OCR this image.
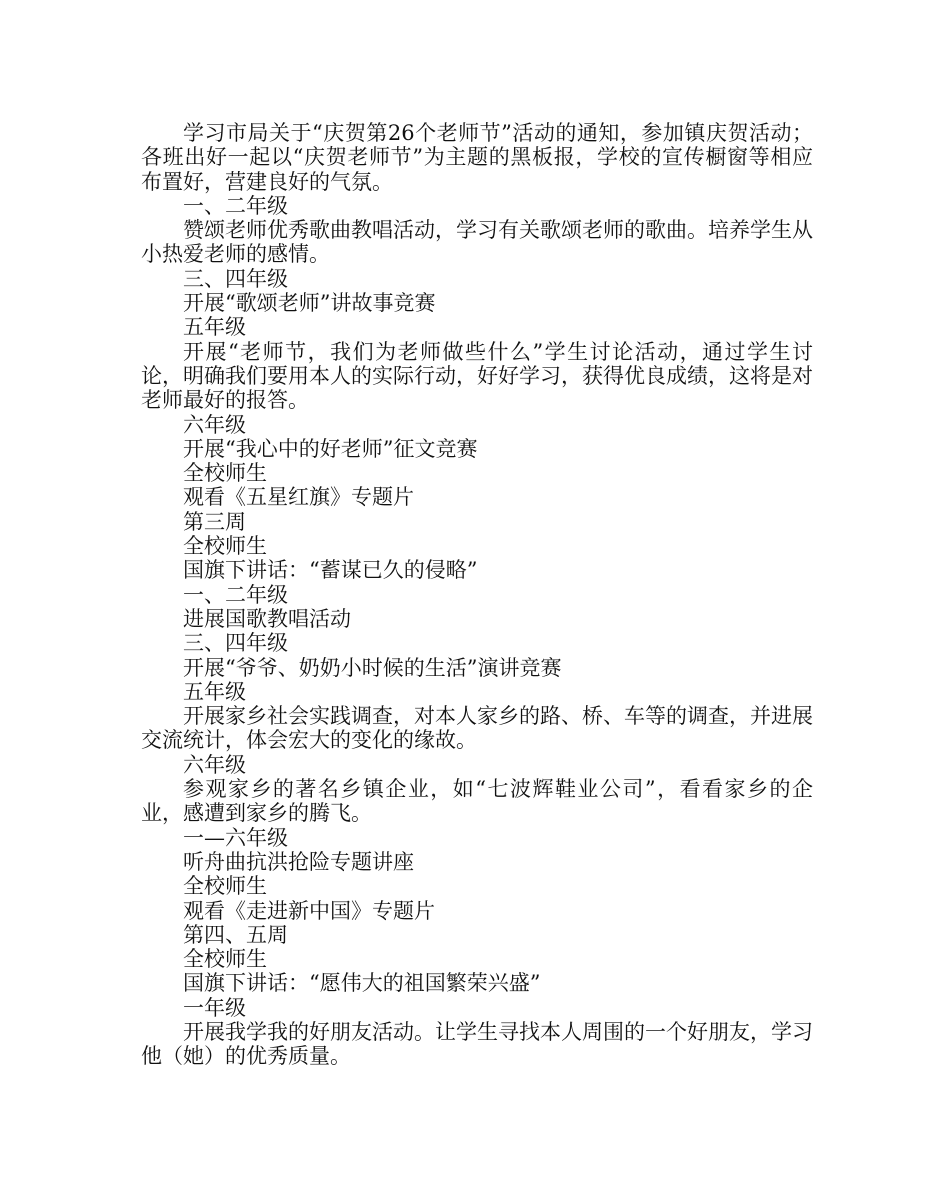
学习市局关于“庆贺第26个老师节”活动的通知，参加镇庆贺活动；各班出好一起以“庆贺老师节”为主题的黑板报，学校的宣传橱窗等相应布置好，营建良好的气氛。

一、二年级

赞颂老师优秀歌曲教唱活动，学习有关歌颂老师的歌曲。培养学生从小热爱老师的感情。

三、四年级

开展“歌颂老师”讲故事竞赛

五年级

开展“老师节，我们为老师做些什么”学生讨论活动，通过学生讨论，明确我们要用本人的实际行动，好好学习，获得优良成绩，这将是对老师最好的报答。

六年级

开展“我心中的好老师”征文竞赛

全校师生

观看《五星红旗》专题片

第三周

全校师生

国旗下讲话：“蓄谋已久的侵略”

一、二年级

进展国歌教唱活动

三、四年级

开展“爷爷、奶奶小时候的生活”演讲竞赛

五年级

开展家乡社会实践调查，对本人家乡的路、桥、车等的调查，并进展交流统计，体会宏大的变化的缘故。

六年级

参观家乡的著名乡镇企业，如“七波辉鞋业公司”，看看家乡的企业，感遭到家乡的腾飞。

一—六年级

听舟曲抗洪抢险专题讲座

全校师生

观看《走进新中国》专题片

第四、五周

全校师生

国旗下讲话：“愿伟大的祖国繁荣兴盛”

一年级

开展我学我的好朋友活动。让学生寻找本人周围的一个好朋友，学习他（她）的优秀质量。
